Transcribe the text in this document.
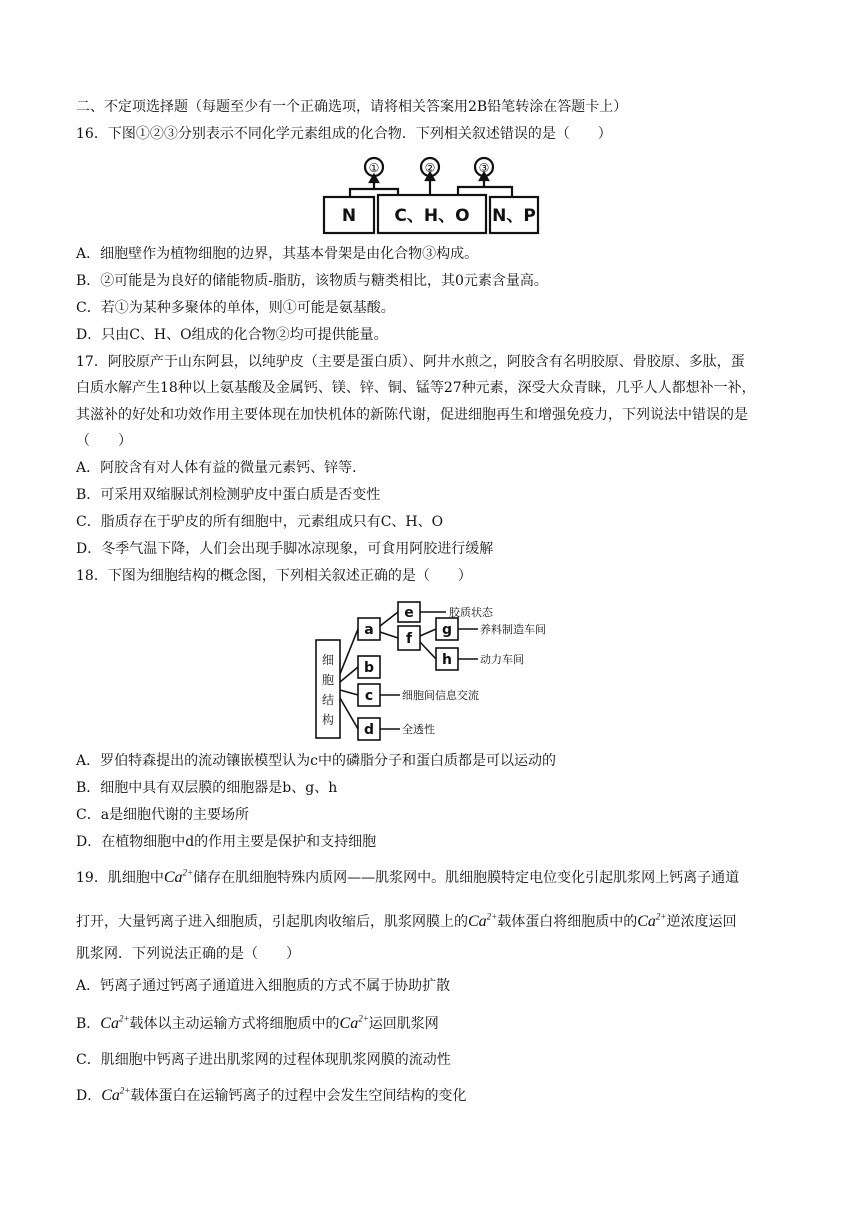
二、不定项选择题（每题至少有一个正确选项，请将相关答案用2B铅笔转涂在答题卡上）
16．下图①②③分别表示不同化学元素组成的化合物．下列相关叙述错误的是（　　）
①	②	③
N C、H、O N、P
A．细胞壁作为植物细胞的边界，其基本骨架是由化合物③构成。
B．②可能是为良好的储能物质-脂肪，该物质与糖类相比，其0元素含量高。
C．若①为某种多聚体的单体，则①可能是氨基酸。
D．只由C、H、O组成的化合物②均可提供能量。
17．阿胶原产于山东阿县，以纯驴皮（主要是蛋白质）、阿井水煎之，阿胶含有名明胶原、骨胶原、多肽，蛋
白质水解产生18种以上氨基酸及金属钙、镁、锌、铜、锰等27种元素，深受大众青睐，几乎人人都想补一补，
其滋补的好处和功效作用主要体现在加快机体的新陈代谢，促进细胞再生和增强免疫力，下列说法中错误的是
（　　）
A．阿胶含有对人体有益的微量元素钙、锌等．
B．可采用双缩脲试剂检测驴皮中蛋白质是否变性
C．脂质存在于驴皮的所有细胞中，元素组成只有C、H、O
D．冬季气温下降，人们会出现手脚冰凉现象，可食用阿胶进行缓解
18．下图为细胞结构的概念图，下列相关叙述正确的是（　　）
细
胞
结
构
a
b
c
d
e
f
g
h
胶质状态
养料制造车间
动力车间
细胞间信息交流
全透性
A．罗伯特森提出的流动镶嵌模型认为c中的磷脂分子和蛋白质都是可以运动的
B．细胞中具有双层膜的细胞器是b、g、h
C．a是细胞代谢的主要场所
D．在植物细胞中d的作用主要是保护和支持细胞
19．肌细胞中$Ca^{2+}$储存在肌细胞特殊内质网——肌浆网中。肌细胞膜特定电位变化引起肌浆网上钙离子通道
打开，大量钙离子进入细胞质，引起肌肉收缩后，肌浆网膜上的$Ca^{2+}$载体蛋白将细胞质中的$Ca^{2+}$逆浓度运回
肌浆网．下列说法正确的是（　　）
A．钙离子通过钙离子通道进入细胞质的方式不属于协助扩散
B．$Ca^{2+}$载体以主动运输方式将细胞质中的$Ca^{2+}$运回肌浆网
C．肌细胞中钙离子进出肌浆网的过程体现肌浆网膜的流动性
D．$Ca^{2+}$载体蛋白在运输钙离子的过程中会发生空间结构的变化
